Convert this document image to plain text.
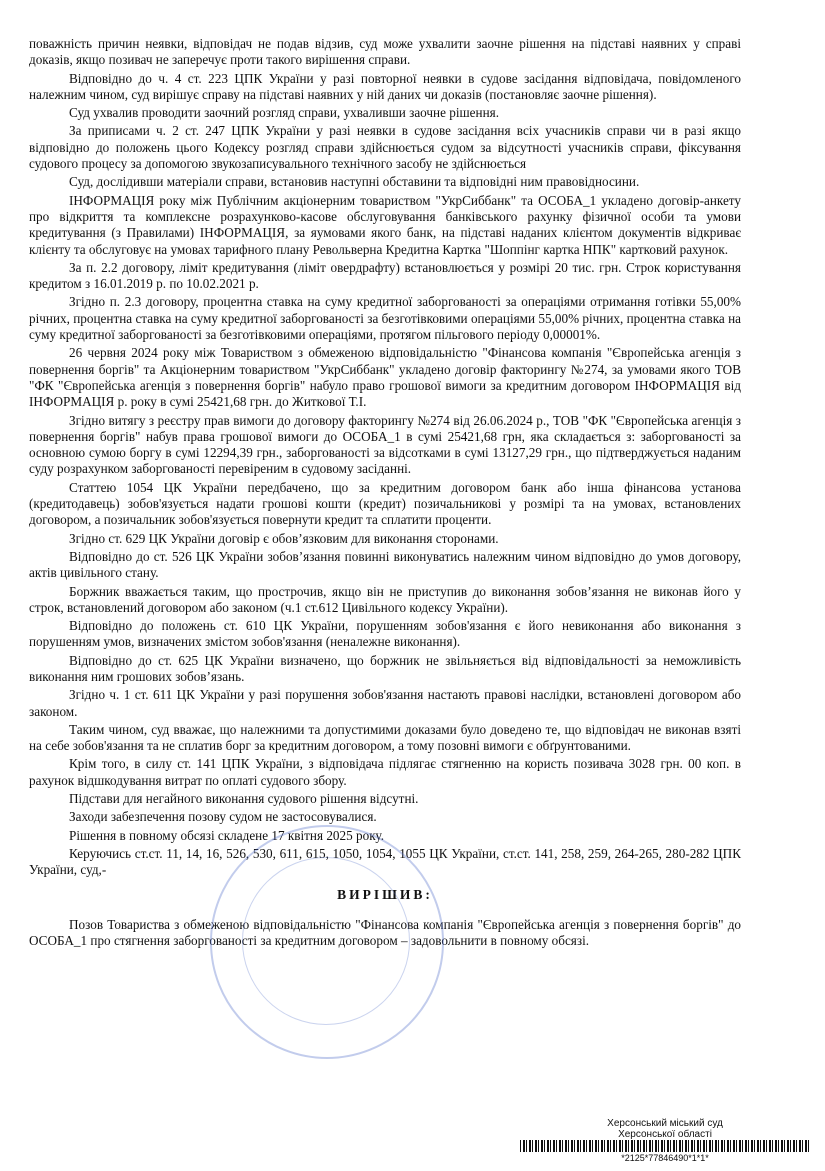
поважність причин неявки, відповідач не подав відзив, суд може ухвалити заочне рішення на підставі наявних у справі доказів, якщо позивач не заперечує проти такого вирішення справи.

Відповідно до ч. 4 ст. 223 ЦПК України у разі повторної неявки в судове засідання відповідача, повідомленого належним чином, суд вирішує справу на підставі наявних у ній даних чи доказів (постановляє заочне рішення).

Суд ухвалив проводити заочний розгляд справи, ухваливши заочне рішення.

За приписами ч. 2 ст. 247 ЦПК України у разі неявки в судове засідання всіх учасників справи чи в разі якщо відповідно до положень цього Кодексу розгляд справи здійснюється судом за відсутності учасників справи, фіксування судового процесу за допомогою звукозаписувального технічного засобу не здійснюється

Суд, дослідивши матеріали справи, встановив наступні обставини та відповідні ним правовідносини.

ІНФОРМАЦІЯ року між Публічним акціонерним товариством "УкрСиббанк" та ОСОБА_1 укладено договір-анкету про відкриття та комплексне розрахунково-касове обслуговування банківського рахунку фізичної особи та умови кредитування (з Правилами) ІНФОРМАЦІЯ, за яумовами якого банк, на підставі наданих клієнтом документів відкриває клієнту та обслуговує на умовах тарифного плану Револьверна Кредитна Картка "Шоппінг картка НПК" картковий рахунок.

За п. 2.2 договору, ліміт кредитування (ліміт овердрафту) встановлюється у розмірі 20 тис. грн. Строк користування кредитом з 16.01.2019 р. по 10.02.2021 р.

Згідно п. 2.3 договору, процентна ставка на суму кредитної заборгованості за операціями отримання готівки 55,00% річних, процентна ставка на суму кредитної заборгованості за безготівковими операціями 55,00% річних, процентна ставка на суму кредитної заборгованості за безготівковими операціями, протягом пільгового періоду 0,00001%.

26 червня 2024 року між Товариством з обмеженою відповідальністю "Фінансова компанія "Європейська агенція з повернення боргів" та Акціонерним товариством "УкрСиббанк" укладено договір факторингу №274, за умовами якого ТОВ "ФК "Європейська агенція з повернення боргів" набуло право грошової вимоги за кредитним договором ІНФОРМАЦІЯ від ІНФОРМАЦІЯ р. року в сумі 25421,68 грн. до Житкової Т.І.

Згідно витягу з реєстру прав вимоги до договору факторингу №274 від 26.06.2024 р., ТОВ "ФК "Європейська агенція з повернення боргів" набув права грошової вимоги до ОСОБА_1 в сумі 25421,68 грн, яка складається з: заборгованості за основною сумою боргу в сумі 12294,39 грн., заборгованості за відсотками в сумі 13127,29 грн., що підтверджується наданим суду розрахунком заборгованості перевіреним в судовому засіданні.

Статтею 1054 ЦК України передбачено, що за кредитним договором банк або інша фінансова установа (кредитодавець) зобов'язується надати грошові кошти (кредит) позичальникові у розмірі та на умовах, встановлених договором, а позичальник зобов'язується повернути кредит та сплатити проценти.

Згідно ст. 629 ЦК України договір є обов’язковим для виконання сторонами.

Відповідно до ст. 526 ЦК України зобов’язання повинні виконуватись належним чином відповідно до умов договору, актів цивільного стану.

Боржник вважається таким, що прострочив, якщо він не приступив до виконання зобов’язання не виконав його у строк, встановлений договором або законом (ч.1 ст.612 Цивільного кодексу України).

Відповідно до положень ст. 610 ЦК України, порушенням зобов'язання є його невиконання або виконання з порушенням умов, визначених змістом зобов'язання (неналежне виконання).

Відповідно до ст. 625 ЦК України визначено, що боржник не звільняється від відповідальності за неможливість виконання ним грошових зобов’язань.

Згідно ч. 1 ст. 611 ЦК України у разі порушення зобов'язання настають правові наслідки, встановлені договором або законом.

Таким чином, суд вважає, що належними та допустимими доказами було доведено те, що відповідач не виконав взяті на себе зобов'язання та не сплатив борг за кредитним договором, а тому позовні вимоги є обґрунтованими.

Крім того, в силу ст. 141 ЦПК України, з відповідача підлягає стягненню на користь позивача 3028 грн. 00 коп. в рахунок відшкодування витрат по оплаті судового збору.

Підстави для негайного виконання судового рішення відсутні.

Заходи забезпечення позову судом не застосовувалися.

Рішення в повному обсязі складене 17 квітня 2025 року.

Керуючись ст.ст. 11, 14, 16, 526, 530, 611, 615, 1050, 1054, 1055 ЦК України, ст.ст. 141, 258, 259, 264-265, 280-282 ЦПК України, суд,-

ВИРІШИВ:

Позов Товариства з обмеженою відповідальністю "Фінансова компанія "Європейська агенція з повернення боргів" до ОСОБА_1 про стягнення заборгованості за кредитним договором – задовольнити в повному обсязі.

Херсонський міський суд
Херсонської області
*2125*77846490*1*1*
